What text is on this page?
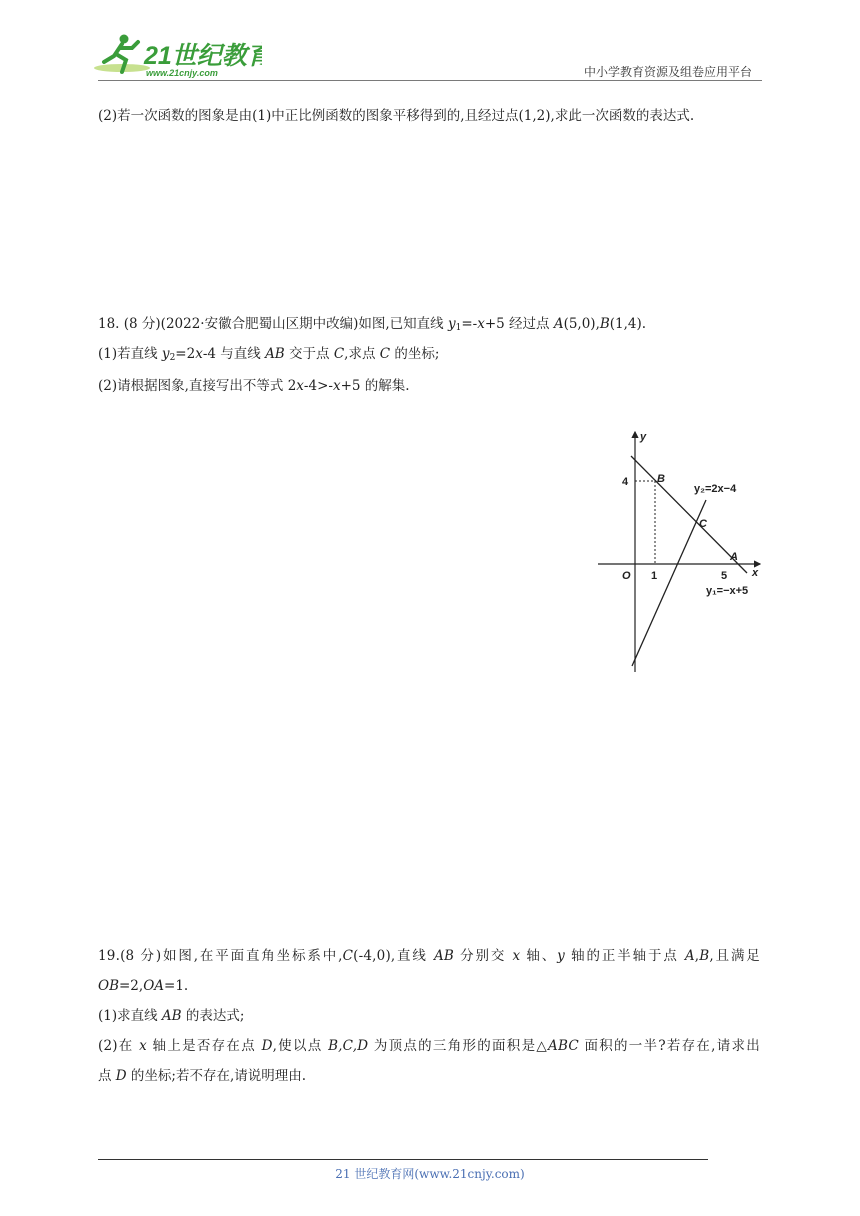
21世纪教育
www.21cnjy.com	中小学教育资源及组卷应用平台
(2)若一次函数的图象是由(1)中正比例函数的图象平移得到的,且经过点(1,2),求此一次函数的表达式.
18. (8 分)(2022·安徽合肥蜀山区期中改编)如图,已知直线 $y_1=-x+5$ 经过点 A(5,0),B(1,4).
(1)若直线 $y_2=2x-4$ 与直线 AB 交于点 C,求点 C 的坐标;
(2)请根据图象,直接写出不等式 2x-4>-x+5 的解集.
y
x
O
4
1	5
B
C
A
y₂=2x−4
y₁=−x+5
19.(8 分)如图,在平面直角坐标系中,C(-4,0),直线 AB 分别交 x 轴、y 轴的正半轴于点 A,B,且满足
OB=2,OA=1.
(1)求直线 AB 的表达式;
(2)在 x 轴上是否存在点 D,使以点 B,C,D 为顶点的三角形的面积是△ABC 面积的一半?若存在,请求出
点 D 的坐标;若不存在,请说明理由.
21 世纪教育网(www.21cnjy.com)
